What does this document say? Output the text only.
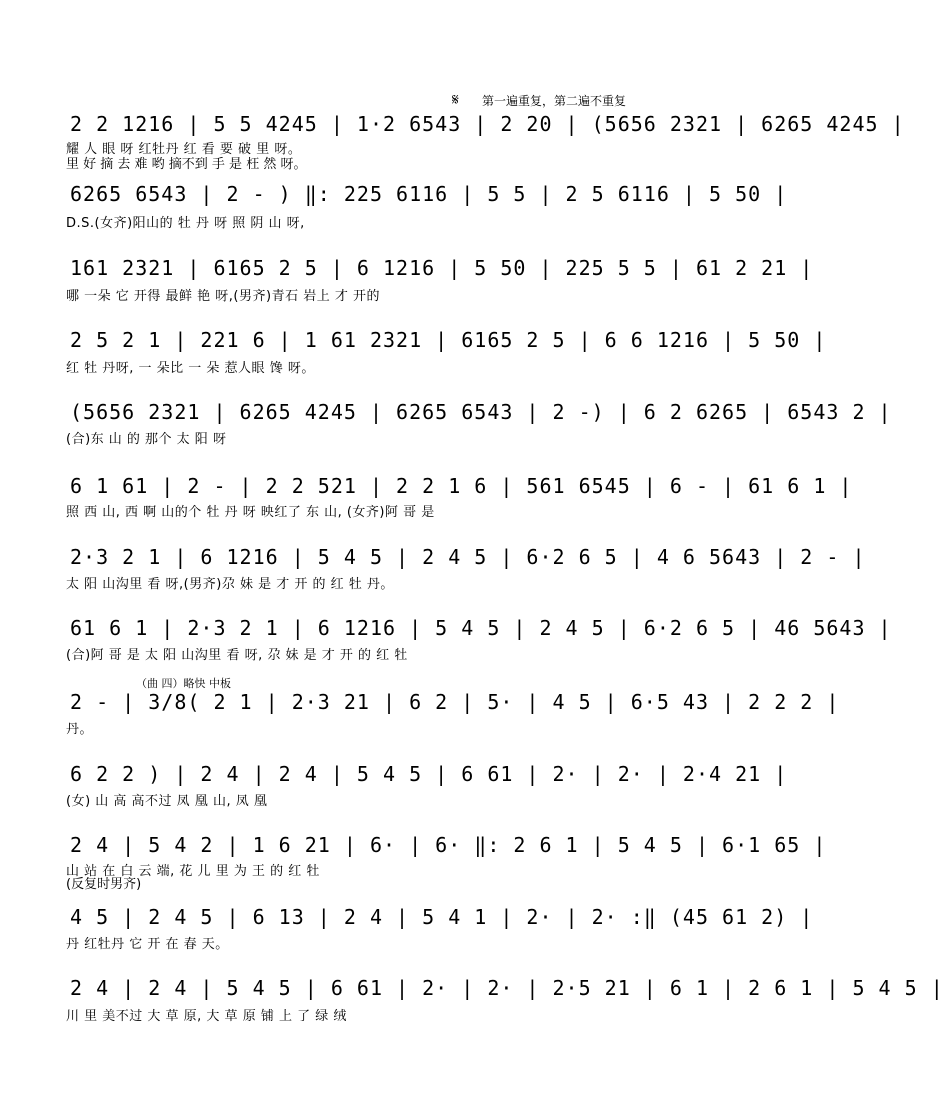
第一遍重复，第二遍不重复
𝄋
2 2 1216 | 5 5 4245 | 1·2 6543 | 2 20 | (5656 2321 | 6265 4245 |
耀 人 眼 呀 红牡丹 红 看 要 破 里 呀。
里 好 摘 去 难 哟 摘不到 手 是 枉 然 呀。
6265 6543 | 2 - ) ‖: 225 6116 | 5 5 | 2 5 6116 | 5 50 |
D.S.(女齐)阳山的 牡 丹 呀 照 阴 山 呀,
161 2321 | 6165 2 5 | 6 1216 | 5 50 | 225 5 5 | 61 2 21 |
哪 一朵 它 开得 最鲜 艳 呀,(男齐)青石 岩上 才 开的
2 5 2 1 | 221 6 | 1 61 2321 | 6165 2 5 | 6 6 1216 | 5 50 |
红 牡 丹呀, 一 朵比 一 朵 惹人眼 馋 呀。
(5656 2321 | 6265 4245 | 6265 6543 | 2 -) | 6 2 6265 | 6543 2 |
(合)东 山 的 那个 太 阳 呀
6 1 61 | 2 - | 2 2 521 | 2 2 1 6 | 561 6545 | 6 - | 61 6 1 |
照 西 山, 西 啊 山的个 牡 丹 呀 映红了 东 山, (女齐)阿 哥 是
2·3 2 1 | 6 1216 | 5 4 5 | 2 4 5 | 6·2 6 5 | 4 6 5643 | 2 - |
太 阳 山沟里 看 呀,(男齐)尕 妹 是 才 开 的 红 牡 丹。
61 6 1 | 2·3 2 1 | 6 1216 | 5 4 5 | 2 4 5 | 6·2 6 5 | 46 5643 |
(合)阿 哥 是 太 阳 山沟里 看 呀, 尕 妹 是 才 开 的 红 牡
（曲 四）略快 中板
2 - | 3/8( 2 1 | 2·3 21 | 6 2 | 5· | 4 5 | 6·5 43 | 2 2 2 |
丹。
6 2 2 ) | 2 4 | 2 4 | 5 4 5 | 6 61 | 2· | 2· | 2·4 21 |
(女) 山 高 高不过 凤 凰 山, 凤 凰
2 4 | 5 4 2 | 1 6 21 | 6· | 6· ‖: 2 6 1 | 5 4 5 | 6·1 65 |
山 站 在 白 云 端, 花 儿 里 为 王 的 红 牡
(反复时男齐)
4 5 | 2 4 5 | 6 13 | 2 4 | 5 4 1 | 2· | 2· :‖ (45 61 2) |
丹 红牡丹 它 开 在 春 天。
2 4 | 2 4 | 5 4 5 | 6 61 | 2· | 2· | 2·5 21 | 6 1 | 2 6 1 | 5 4 5 |
川 里 美不过 大 草 原, 大 草 原 铺 上 了 绿 绒
